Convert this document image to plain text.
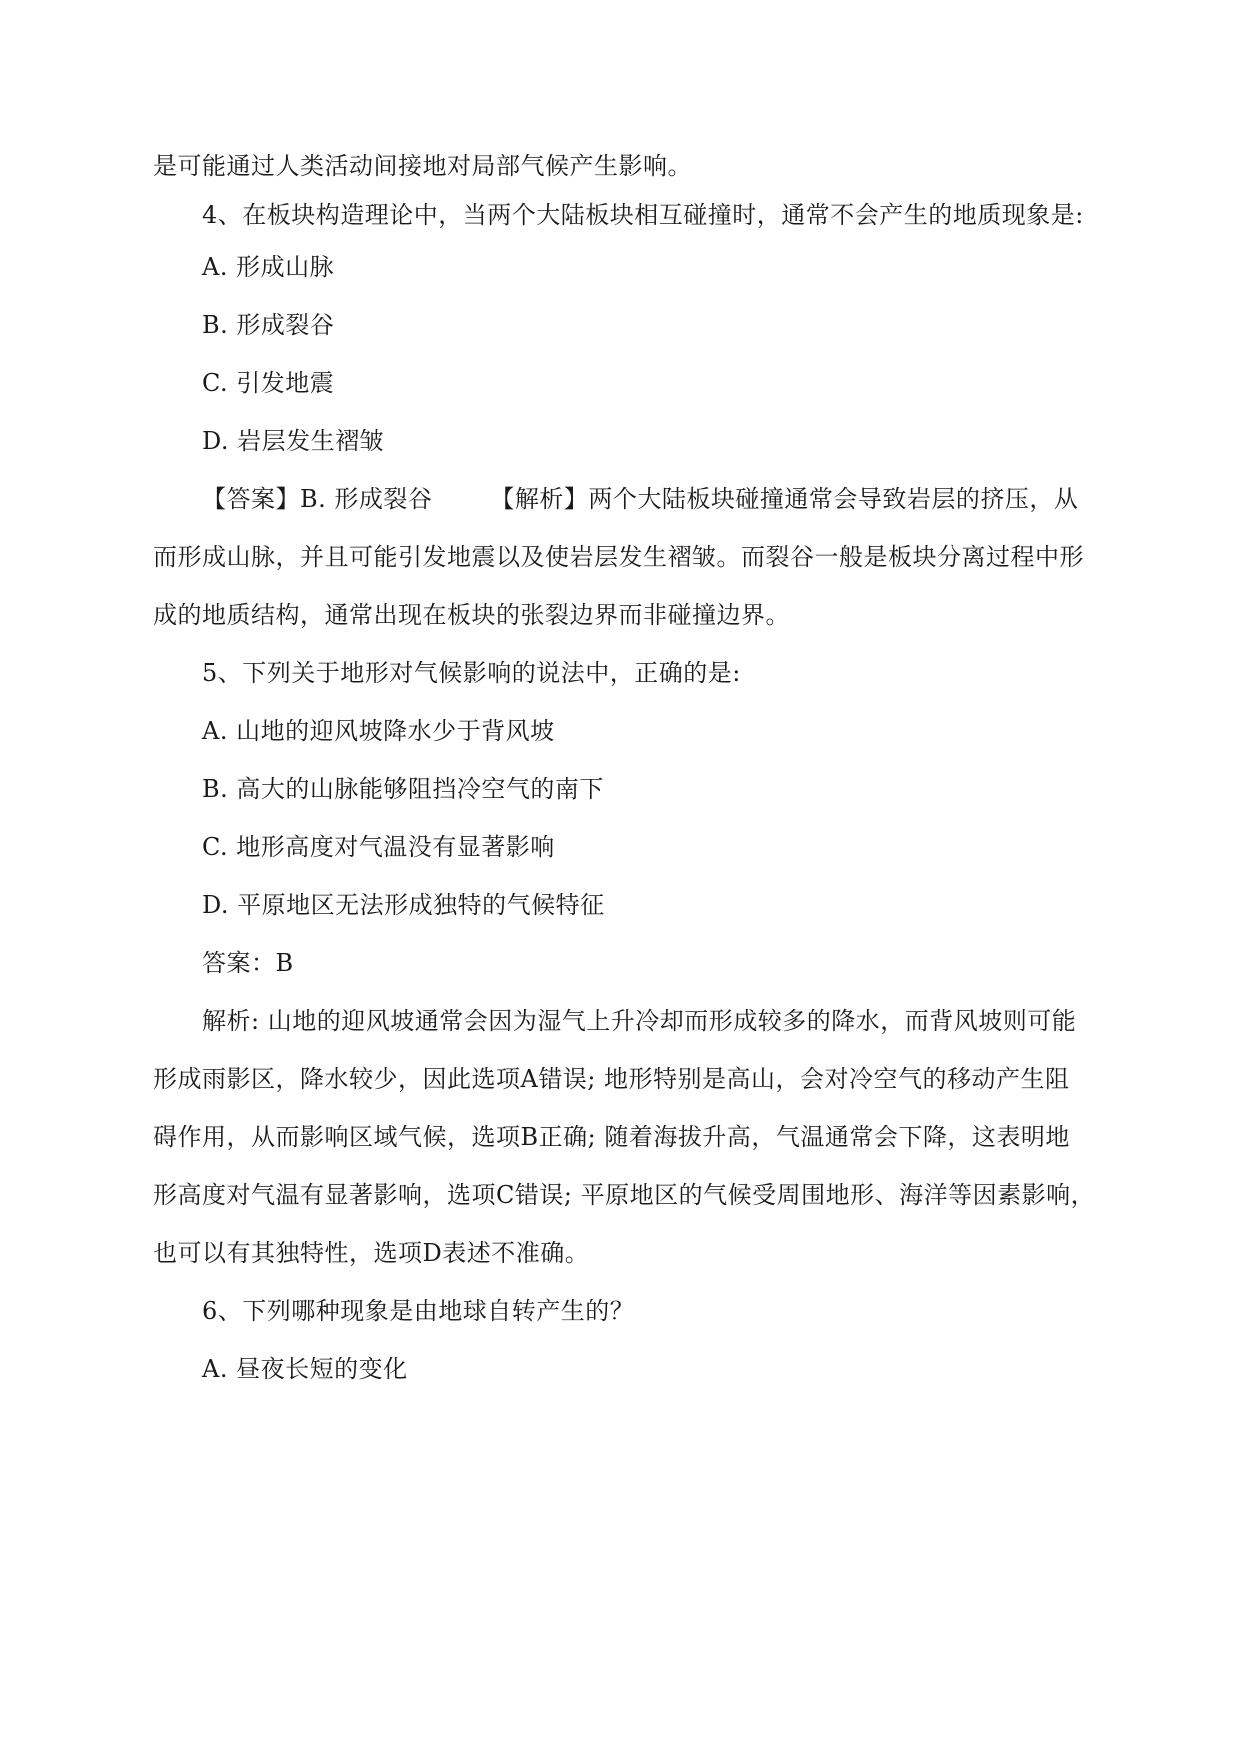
是可能通过人类活动间接地对局部气候产生影响。
4、在板块构造理论中，当两个大陆板块相互碰撞时，通常不会产生的地质现象是:
A. 形成山脉
B. 形成裂谷
C. 引发地震
D. 岩层发生褶皱
【答案】B. 形成裂谷 【解析】两个大陆板块碰撞通常会导致岩层的挤压，从
而形成山脉，并且可能引发地震以及使岩层发生褶皱。而裂谷一般是板块分离过程中形
成的地质结构，通常出现在板块的张裂边界而非碰撞边界。
5、下列关于地形对气候影响的说法中，正确的是:
A. 山地的迎风坡降水少于背风坡
B. 高大的山脉能够阻挡冷空气的南下
C. 地形高度对气温没有显著影响
D. 平原地区无法形成独特的气候特征
答案：B
解析: 山地的迎风坡通常会因为湿气上升冷却而形成较多的降水，而背风坡则可能
形成雨影区，降水较少，因此选项A错误; 地形特别是高山，会对冷空气的移动产生阻
碍作用，从而影响区域气候，选项B正确; 随着海拔升高，气温通常会下降，这表明地
形高度对气温有显著影响，选项C错误; 平原地区的气候受周围地形、海洋等因素影响，
也可以有其独特性，选项D表述不准确。
6、下列哪种现象是由地球自转产生的？
A. 昼夜长短的变化
